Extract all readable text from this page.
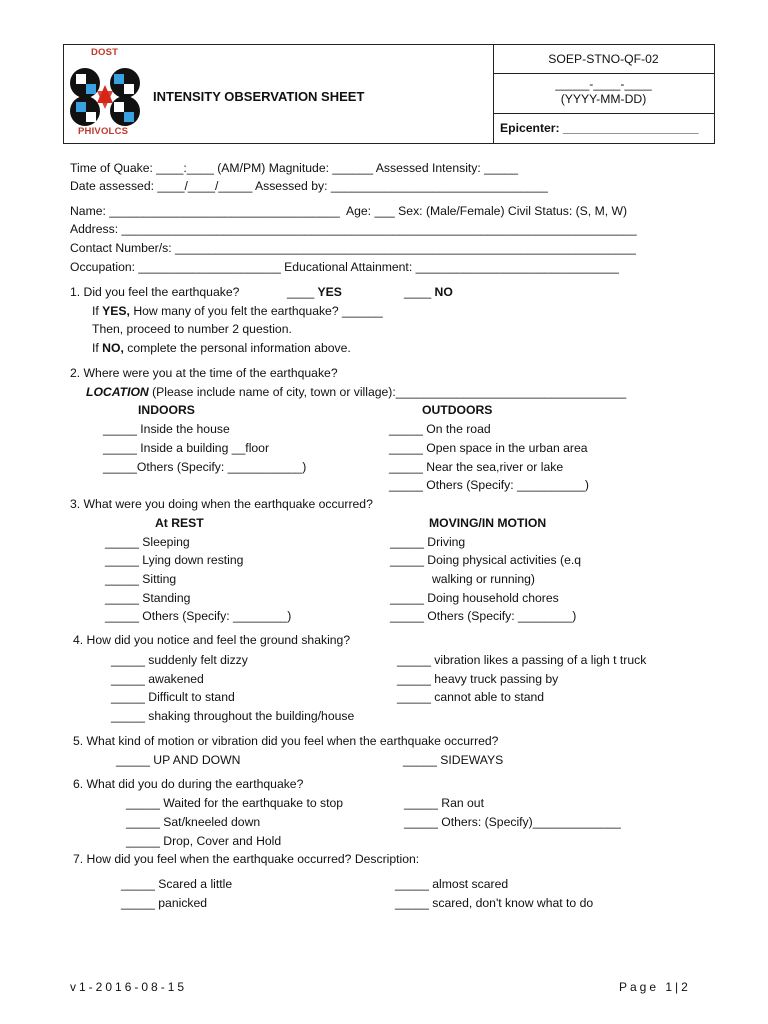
DOST
PHIVOLCS
INTENSITY OBSERVATION SHEET
SOEP-STNO-QF-02
_____-____-____
(YYYY-MM-DD)
Epicenter: ____________________
Time of Quake: ____:____ (AM/PM) Magnitude: ______ Assessed Intensity: _____
Date assessed: ____/____/_____ Assessed by: ________________________________
Name: __________________________________ Age: ___ Sex: (Male/Female) Civil Status: (S, M, W)
Address: ____________________________________________________________________________
Contact Number/s: ____________________________________________________________________
Occupation: _____________________ Educational Attainment: ______________________________
1. Did you feel the earthquake?	____ YES	____ NO
If YES, How many of you felt the earthquake? ______
Then, proceed to number 2 question.
If NO, complete the personal information above.
2. Where were you at the time of the earthquake?
LOCATION (Please include name of city, town or village):__________________________________
INDOORS	OUTDOORS
_____ Inside the house
_____ Inside a building __floor
_____Others (Specify: ___________)
_____ On the road
_____ Open space in the urban area
_____ Near the sea,river or lake
_____ Others (Specify: __________)
3. What were you doing when the earthquake occurred?
At REST	MOVING/IN MOTION
_____ Sleeping
_____ Lying down resting
_____ Sitting
_____ Standing
_____ Others (Specify: ________)
_____ Driving
_____ Doing physical activities (e.q
walking or running)
_____ Doing household chores
_____ Others (Specify: ________)
4. How did you notice and feel the ground shaking?
_____ suddenly felt dizzy
_____ awakened
_____ Difficult to stand
_____ shaking throughout the building/house
_____ vibration likes a passing of a ligh t truck
_____ heavy truck passing by
_____ cannot able to stand
5. What kind of motion or vibration did you feel when the earthquake occurred?
_____ UP AND DOWN	_____ SIDEWAYS
6. What did you do during the earthquake?
_____ Waited for the earthquake to stop
_____ Sat/kneeled down
_____ Drop, Cover and Hold
_____ Ran out
_____ Others: (Specify)_____________
7. How did you feel when the earthquake occurred? Description:
_____ Scared a little
_____ panicked
_____ almost scared
_____ scared, don't know what to do
v1-2016-08-15	Page 1|2
